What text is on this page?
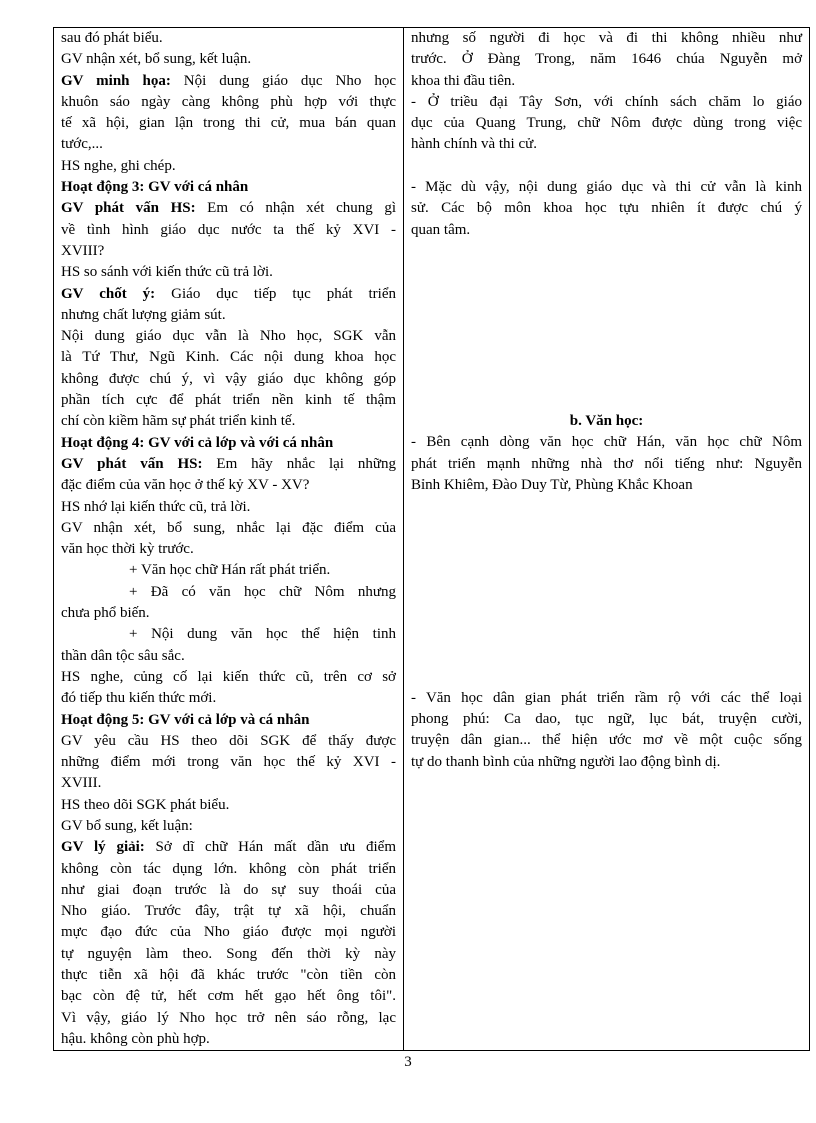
sau đó phát biểu.
GV nhận xét, bổ sung, kết luận.
GV minh họa: Nội dung giáo dục Nho học
khuôn sáo ngày càng không phù hợp với thực
tế xã hội, gian lận trong thi cử, mua bán quan
tước,...
HS nghe, ghi chép.
Hoạt động 3: GV với cá nhân
GV phát vấn HS: Em có nhận xét chung gì
về tình hình giáo dục nước ta thế kỷ XVI -
XVIII?
HS so sánh với kiến thức cũ trả lời.
GV chốt ý: Giáo dục tiếp tục phát triển
nhưng chất lượng giảm sút.
Nội dung giáo dục vẫn là Nho học, SGK vẫn
là Tứ Thư, Ngũ Kinh. Các nội dung khoa học
không được chú ý, vì vậy giáo dục không góp
phần tích cực để phát triển nền kinh tế thậm
chí còn kiềm hãm sự phát triển kinh tế.
Hoạt động 4: GV với cả lớp và với cá nhân
GV phát vấn HS: Em hãy nhắc lại những
đặc điểm của văn học ở thế kỷ XV - XV?
HS nhớ lại kiến thức cũ, trả lời.
GV nhận xét, bổ sung, nhắc lại đặc điểm của
văn học thời kỳ trước.
+ Văn học chữ Hán rất phát triển.
+ Đã có văn học chữ Nôm nhưng
chưa phổ biến.
+ Nội dung văn học thể hiện tinh
thần dân tộc sâu sắc.
HS nghe, củng cố lại kiến thức cũ, trên cơ sở
đó tiếp thu kiến thức mới.
Hoạt động 5: GV với cả lớp và cá nhân
GV yêu cầu HS theo dõi SGK để thấy được
những điểm mới trong văn học thế kỷ XVI -
XVIII.
HS theo dõi SGK phát biểu.
GV bổ sung, kết luận:
GV lý giải: Sở dĩ chữ Hán mất dần ưu điểm
không còn tác dụng lớn. không còn phát triển
như giai đoạn trước là do sự suy thoái của
Nho giáo. Trước đây, trật tự xã hội, chuẩn
mực đạo đức của Nho giáo được mọi người
tự nguyện làm theo. Song đến thời kỳ này
thực tiễn xã hội đã khác trước "còn tiền còn
bạc còn đệ tử, hết cơm hết gạo hết ông tôi".
Vì vậy, giáo lý Nho học trở nên sáo rỗng, lạc
hậu. không còn phù hợp.

nhưng số người đi học và đi thi không nhiều như
trước. Ở Đàng Trong, năm 1646 chúa Nguyễn mở
khoa thi đầu tiên.
- Ở triều đại Tây Sơn, với chính sách chăm lo giáo
dục của Quang Trung, chữ Nôm được dùng trong việc
hành chính và thi cử.
- Mặc dù vậy, nội dung giáo dục và thi cử vẫn là kinh
sử. Các bộ môn khoa học tựu nhiên ít được chú ý
quan tâm.
b. Văn học:
- Bên cạnh dòng văn học chữ Hán, văn học chữ Nôm
phát triển mạnh những nhà thơ nổi tiếng như: Nguyễn
Bỉnh Khiêm, Đào Duy Từ, Phùng Khắc Khoan
- Văn học dân gian phát triển rầm rộ với các thể loại
phong phú: Ca dao, tục ngữ, lục bát, truyện cười,
truyện dân gian... thể hiện ước mơ về một cuộc sống
tự do thanh bình của những người lao động bình dị.
3
